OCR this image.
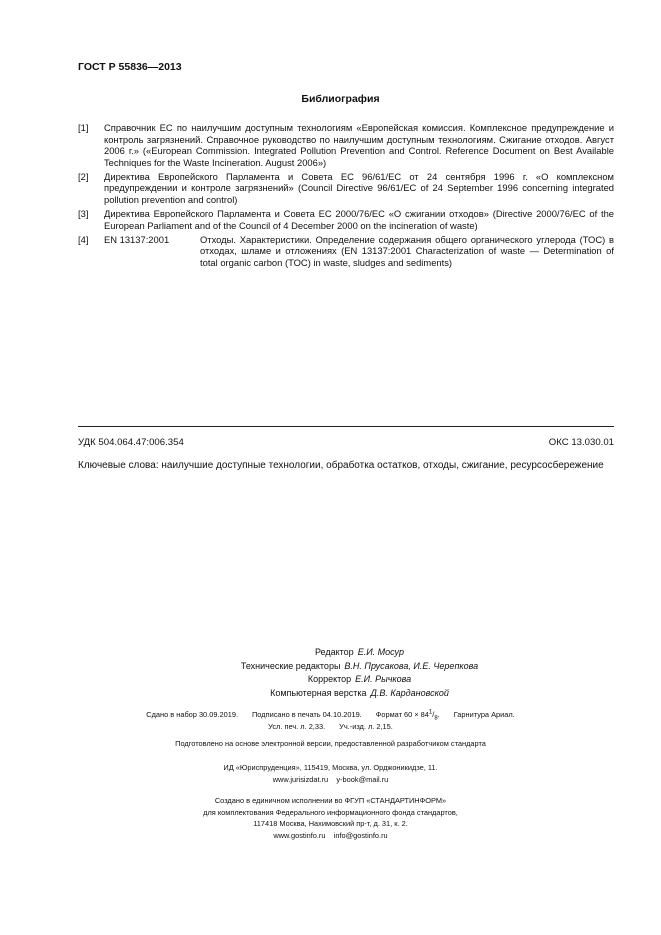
ГОСТ Р 55836—2013
Библиография
[1]	Справочник ЕС по наилучшим доступным технологиям «Европейская комиссия. Комплексное предупреждение и контроль загрязнений. Справочное руководство по наилучшим доступным технологиям. Сжигание отходов. Август 2006 г.» («European Commission. Integrated Pollution Prevention and Control. Reference Document on Best Available Techniques for the Waste Incineration. August 2006»)
[2]	Директива Европейского Парламента и Совета ЕС 96/61/ЕС от 24 сентября 1996 г. «О комплексном предупреждении и контроле загрязнений» (Council Directive 96/61/EC of 24 September 1996 concerning integrated pollution prevention and control)
[3]	Директива Европейского Парламента и Совета ЕС 2000/76/ЕС «О сжигании отходов» (Directive 2000/76/EC of the European Parliament and of the Council of 4 December 2000 on the incineration of waste)
[4]	EN 13137:2001	Отходы. Характеристики. Определение содержания общего органического углерода (ТОС) в отходах, шламе и отложениях (EN 13137:2001 Characterization of waste — Determination of total organic carbon (TOC) in waste, sludges and sediments)
УДК 504.064.47:006.354	ОКС 13.030.01
Ключевые слова: наилучшие доступные технологии, обработка остатков, отходы, сжигание, ресурсосбережение
Редактор Е.И. Мосур
Технические редакторы В.Н. Прусакова, И.Е. Черепкова
Корректор Е.И. Рычкова
Компьютерная верстка Д.В. Кардановской
Сдано в набор 30.09.2019. Подписано в печать 04.10.2019. Формат $60 \times 84^1/_8$. Гарнитура Ариал.
Усл. печ. л. 2,33. Уч.-изд. л. 2,15.
Подготовлено на основе электронной версии, предоставленной разработчиком стандарта
ИД «Юриспруденция», 115419, Москва, ул. Орджоникидзе, 11.
www.jurisizdat.ru y-book@mail.ru
Создано в единичном исполнении во ФГУП «СТАНДАРТИНФОРМ»
для комплектования Федерального информационного фонда стандартов,
117418 Москва, Нахимовский пр-т, д. 31, к. 2.
www.gostinfo.ru info@gostinfo.ru
